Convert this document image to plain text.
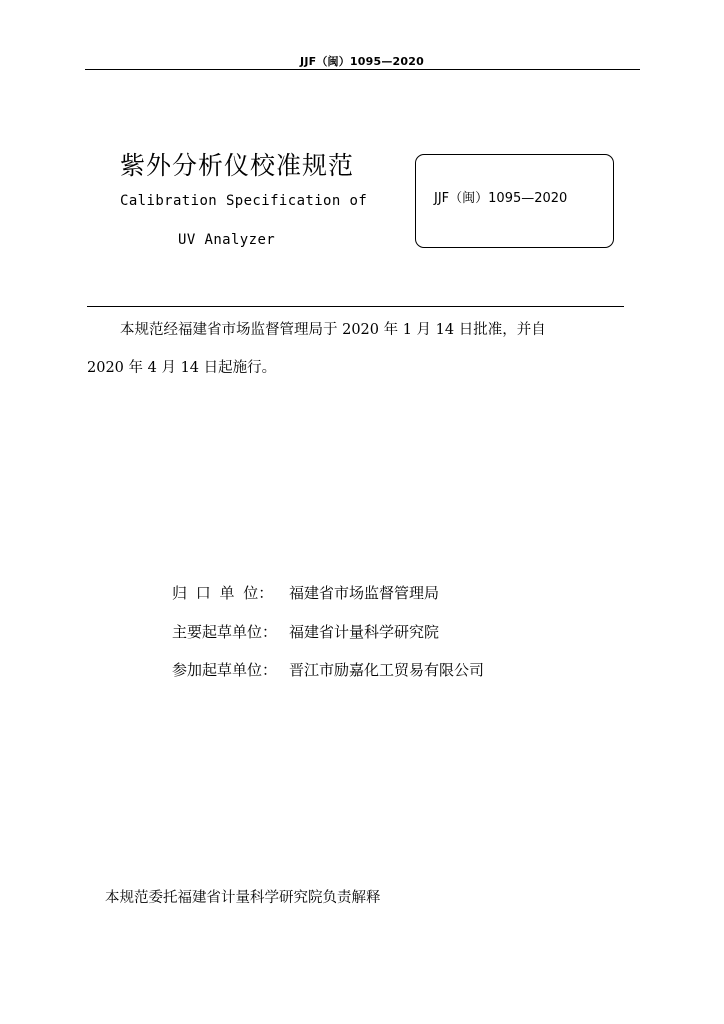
JJF（闽）1095—2020
紫外分析仪校准规范
Calibration Specification of
UV Analyzer
JJF（闽）1095—2020
本规范经福建省市场监督管理局于 2020 年 1 月 14 日批准，并自
2020 年 4 月 14 日起施行。
归 口 单 位： 福建省市场监督管理局
主要起草单位： 福建省计量科学研究院
参加起草单位： 晋江市励嘉化工贸易有限公司
本规范委托福建省计量科学研究院负责解释
